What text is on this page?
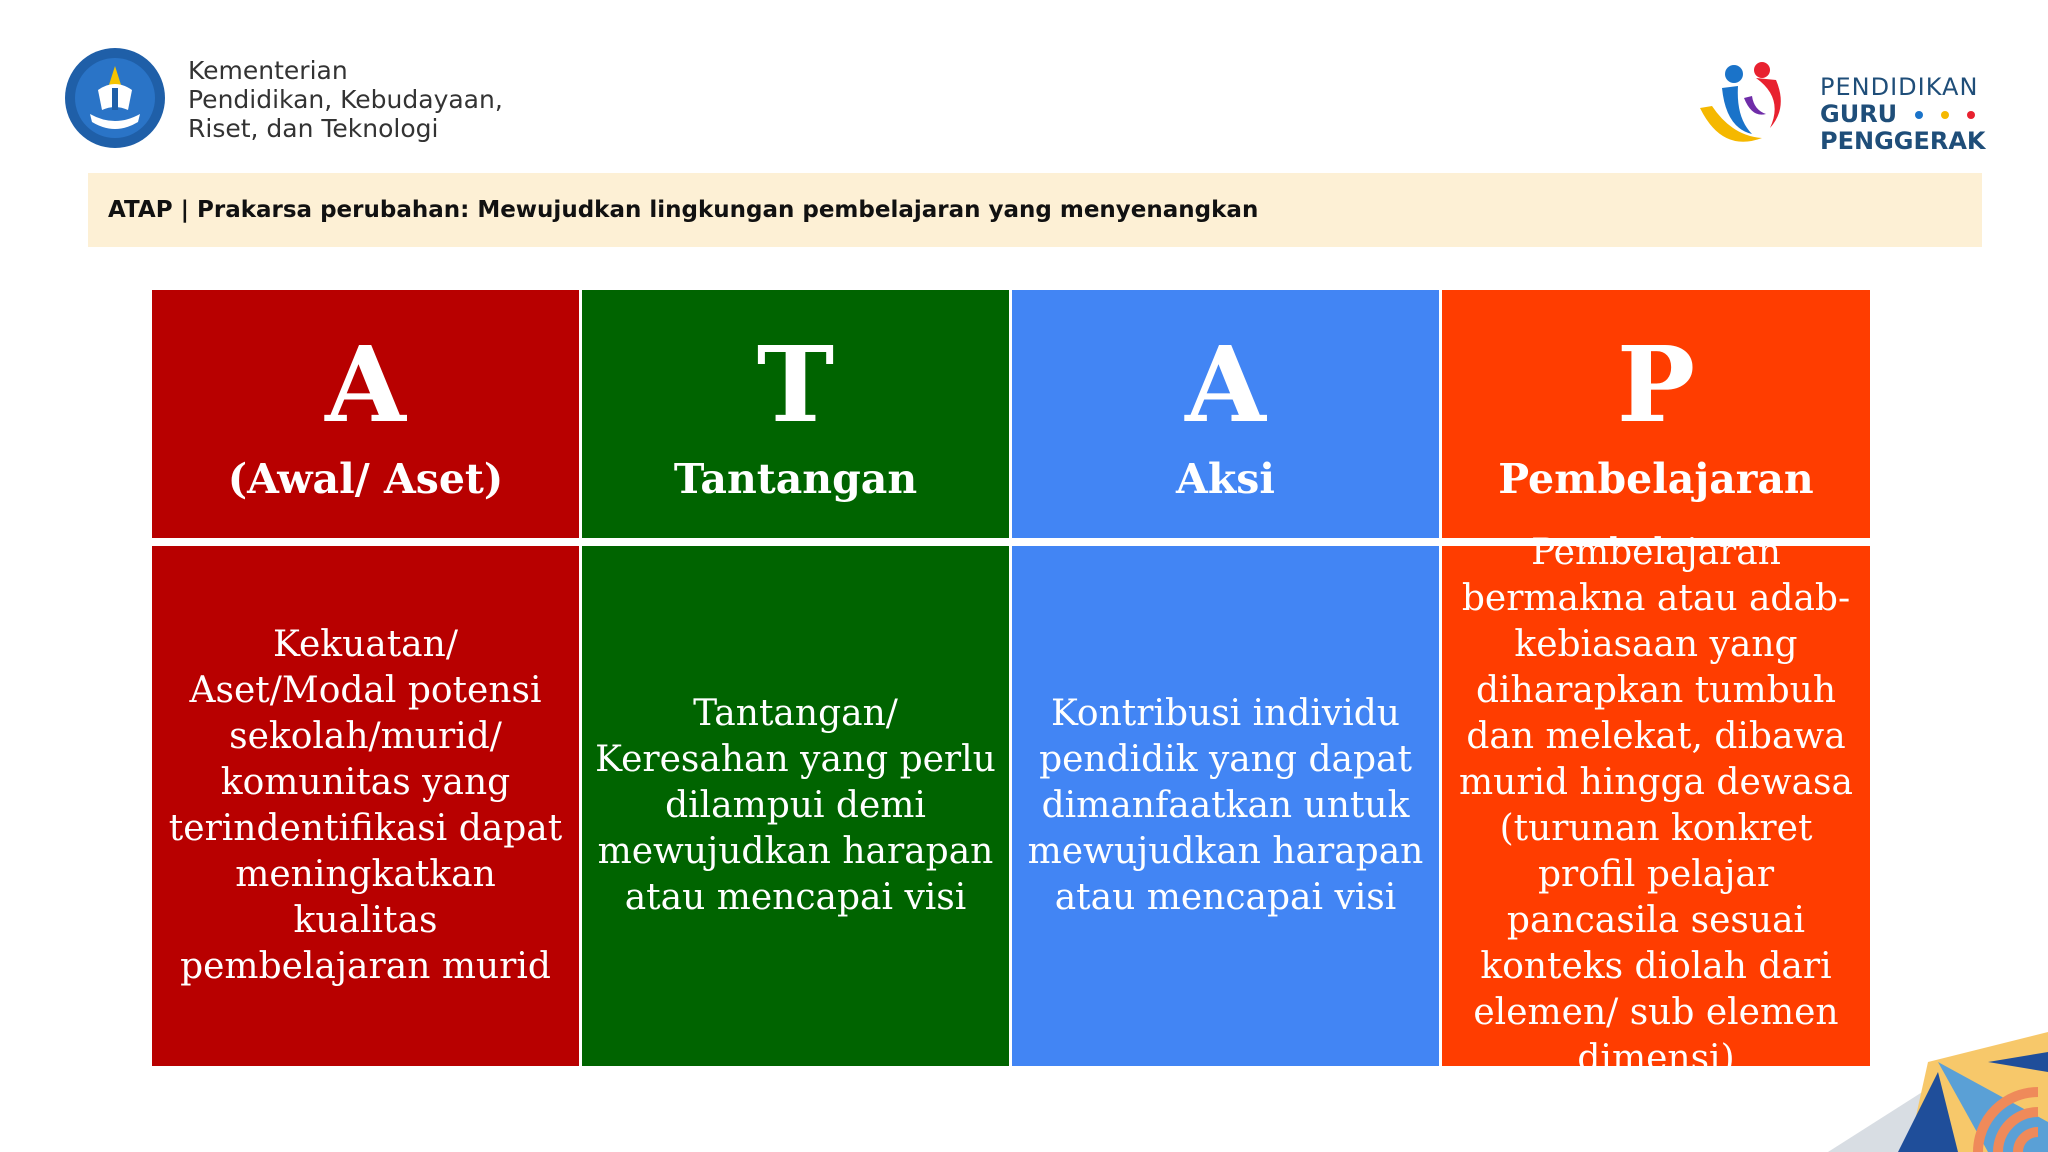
Kementerian
Pendidikan, Kebudayaan,
Riset, dan Teknologi
PENDIDIKAN
GURU
PENGGERAK
ATAP | Prakarsa perubahan: Mewujudkan lingkungan pembelajaran yang menyenangkan
A
(Awal/ Aset)
T
Tantangan
A
Aksi
P
Pembelajaran
Kekuatan/ Aset/Modal potensi sekolah/murid/ komunitas yang terindentifikasi dapat meningkatkan kualitas pembelajaran murid
Tantangan/ Keresahan yang perlu dilampui demi mewujudkan harapan atau mencapai visi
Kontribusi individu pendidik yang dapat dimanfaatkan untuk mewujudkan harapan atau mencapai visi
Pembelajaran bermakna atau adab-kebiasaan yang diharapkan tumbuh dan melekat, dibawa murid hingga dewasa (turunan konkret profil pelajar pancasila sesuai konteks diolah dari elemen/ sub elemen dimensi)
